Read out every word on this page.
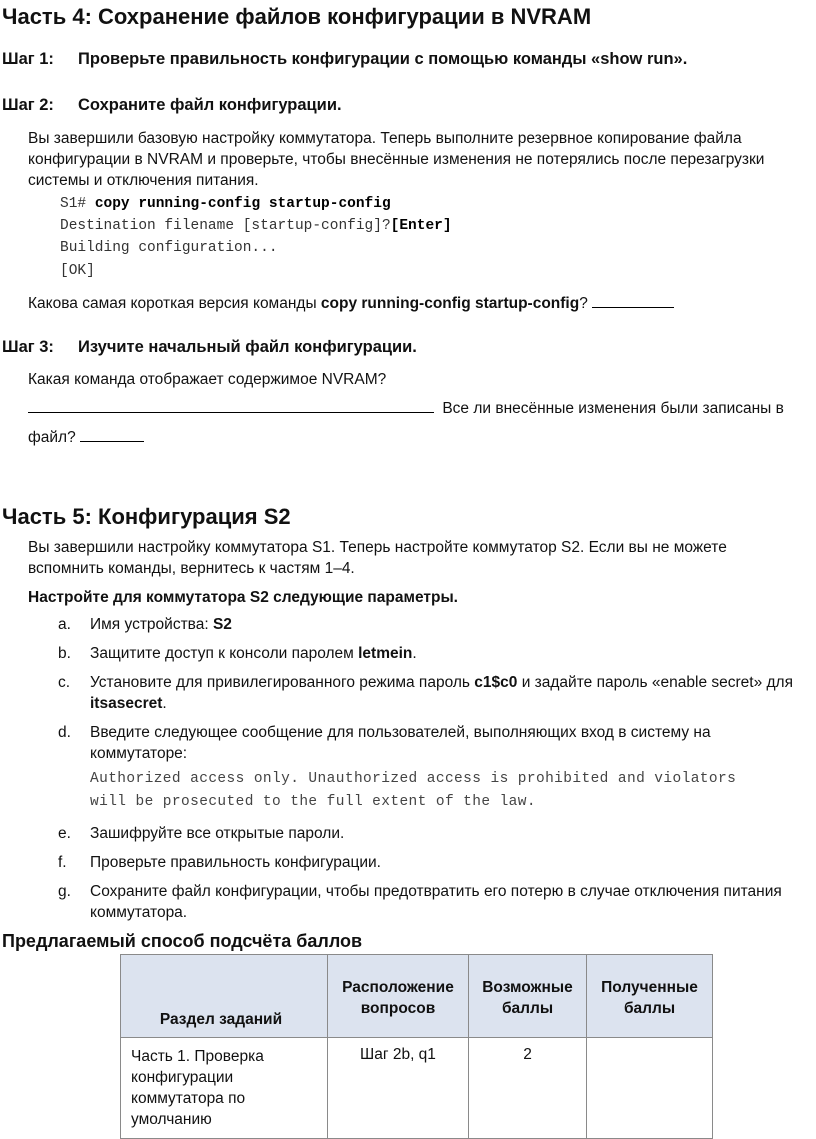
Часть 4: Сохранение файлов конфигурации в NVRAM
Шаг 1: Проверьте правильность конфигурации с помощью команды «show run».
Шаг 2: Сохраните файл конфигурации.
Вы завершили базовую настройку коммутатора. Теперь выполните резервное копирование файла конфигурации в NVRAM и проверьте, чтобы внесённые изменения не потерялись после перезагрузки системы и отключения питания.
S1# copy running-config startup-config
Destination filename [startup-config]?[Enter]
Building configuration...
[OK]
Какова самая короткая версия команды copy running-config startup-config?
Шаг 3: Изучите начальный файл конфигурации.
Какая команда отображает содержимое NVRAM?
Все ли внесённые изменения были записаны в
файл?
Часть 5: Конфигурация S2
Вы завершили настройку коммутатора S1. Теперь настройте коммутатор S2. Если вы не можете вспомнить команды, вернитесь к частям 1–4.
Настройте для коммутатора S2 следующие параметры.
a. Имя устройства: S2
b. Защитите доступ к консоли паролем letmein.
c. Установите для привилегированного режима пароль c1$c0 и задайте пароль «enable secret» для itsasecret.
d. Введите следующее сообщение для пользователей, выполняющих вход в систему на коммутаторе:
Authorized access only. Unauthorized access is prohibited and violators
will be prosecuted to the full extent of the law.
e. Зашифруйте все открытые пароли.
f. Проверьте правильность конфигурации.
g. Сохраните файл конфигурации, чтобы предотвратить его потерю в случае отключения питания коммутатора.
Предлагаемый способ подсчёта баллов
Раздел заданий	Расположение вопросов	Возможные баллы	Полученные баллы

Часть 1. Проверка конфигурации коммутатора по умолчанию	Шаг 2b, q1	2	
